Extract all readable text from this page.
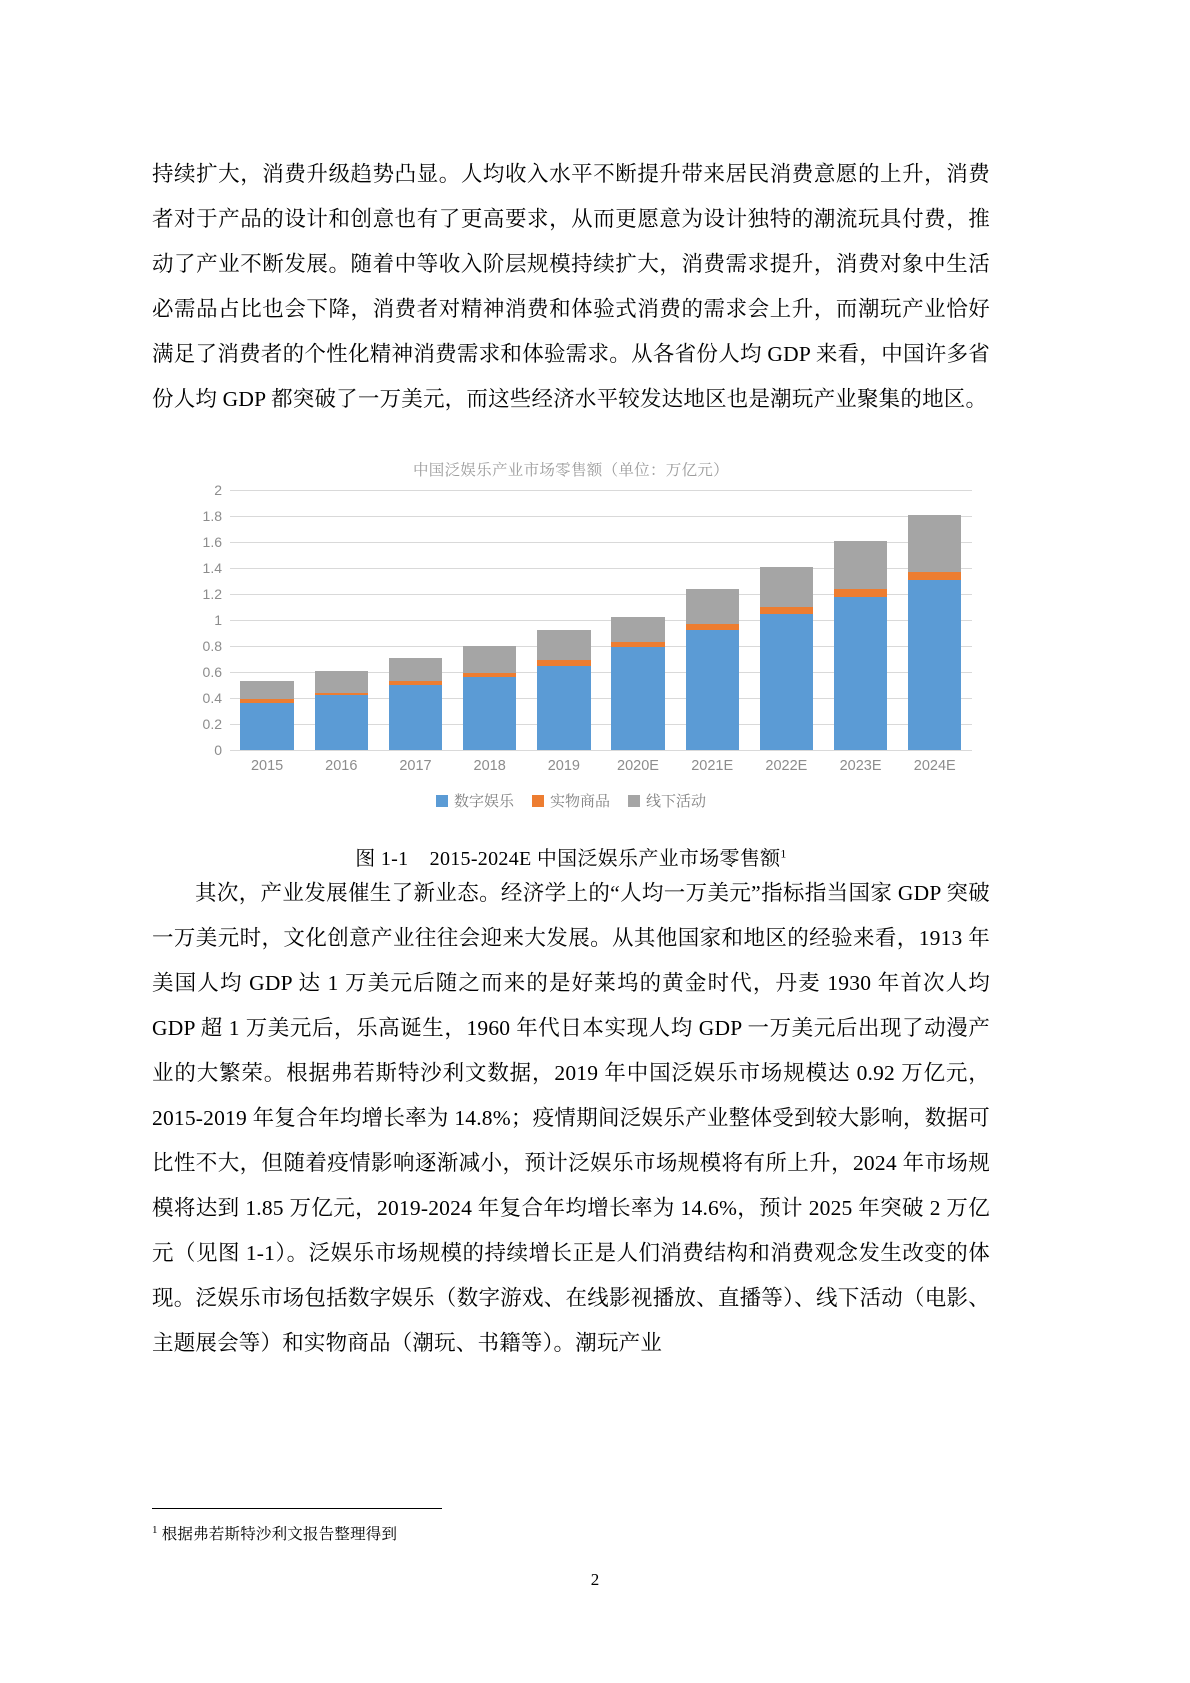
持续扩大，消费升级趋势凸显。人均收入水平不断提升带来居民消费意愿的上升，消费者对于产品的设计和创意也有了更高要求，从而更愿意为设计独特的潮流玩具付费，推动了产业不断发展。随着中等收入阶层规模持续扩大，消费需求提升，消费对象中生活必需品占比也会下降，消费者对精神消费和体验式消费的需求会上升，而潮玩产业恰好满足了消费者的个性化精神消费需求和体验需求。从各省份人均 GDP 来看，中国许多省份人均 GDP 都突破了一万美元，而这些经济水平较发达地区也是潮玩产业聚集的地区。

中国泛娱乐产业市场零售额（单位：万亿元）
0
0.2
0.4
0.6
0.8
1
1.2
1.4
1.6
1.8
2
2015	2016	2017	2018	2019	2020E	2021E	2022E	2023E	2024E
数字娱乐 实物商品 线下活动
图 1-1 2015-2024E 中国泛娱乐产业市场零售额$^1$

其次，产业发展催生了新业态。经济学上的“人均一万美元”指标指当国家 GDP 突破一万美元时，文化创意产业往往会迎来大发展。从其他国家和地区的经验来看，1913 年美国人均 GDP 达 1 万美元后随之而来的是好莱坞的黄金时代，丹麦 1930 年首次人均 GDP 超 1 万美元后，乐高诞生，1960 年代日本实现人均 GDP 一万美元后出现了动漫产业的大繁荣。根据弗若斯特沙利文数据，2019 年中国泛娱乐市场规模达 0.92 万亿元，2015-2019 年复合年均增长率为 14.8%；疫情期间泛娱乐产业整体受到较大影响，数据可比性不大，但随着疫情影响逐渐减小，预计泛娱乐市场规模将有所上升，2024 年市场规模将达到 1.85 万亿元，2019-2024 年复合年均增长率为 14.6%，预计 2025 年突破 2 万亿元（见图 1-1）。泛娱乐市场规模的持续增长正是人们消费结构和消费观念发生改变的体现。泛娱乐市场包括数字娱乐（数字游戏、在线影视播放、直播等）、线下活动（电影、主题展会等）和实物商品（潮玩、书籍等）。潮玩产业

$^1$ 根据弗若斯特沙利文报告整理得到
2
